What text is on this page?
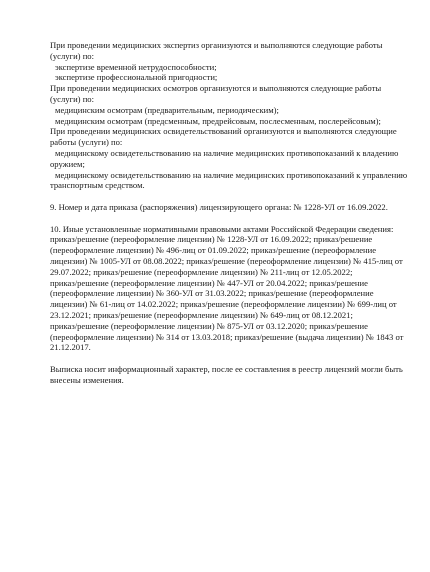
При проведении медицинских экспертиз организуются и выполняются следующие работы
(услуги) по:
экспертизе временной нетрудоспособности;
экспертизе профессиональной пригодности;
При проведении медицинских осмотров организуются и выполняются следующие работы
(услуги) по:
медицинским осмотрам (предварительным, периодическим);
медицинским осмотрам (предсменным, предрейсовым, послесменным, послерейсовым);
При проведении медицинских освидетельствований организуются и выполняются следующие
работы (услуги) по:
медицинскому освидетельствованию на наличие медицинских противопоказаний к владению
оружием;
медицинскому освидетельствованию на наличие медицинских противопоказаний к управлению
транспортным средством.
9. Номер и дата приказа (распоряжения) лицензирующего органа: № 1228-УЛ от 16.09.2022.
10. Иные установленные нормативными правовыми актами Российской Федерации сведения:
приказ/решение (переоформление лицензии) № 1228-УЛ от 16.09.2022; приказ/решение
(переоформление лицензии) № 496-лиц от 01.09.2022; приказ/решение (переоформление
лицензии) № 1005-УЛ от 08.08.2022; приказ/решение (переоформление лицензии) № 415-лиц от
29.07.2022; приказ/решение (переоформление лицензии) № 211-лиц от 12.05.2022;
приказ/решение (переоформление лицензии) № 447-УЛ от 20.04.2022; приказ/решение
(переоформление лицензии) № 360-УЛ от 31.03.2022; приказ/решение (переоформление
лицензии) № 61-лиц от 14.02.2022; приказ/решение (переоформление лицензии) № 699-лиц от
23.12.2021; приказ/решение (переоформление лицензии) № 649-лиц от 08.12.2021;
приказ/решение (переоформление лицензии) № 875-УЛ от 03.12.2020; приказ/решение
(переоформление лицензии) № 314 от 13.03.2018; приказ/решение (выдача лицензии) № 1843 от
21.12.2017.
Выписка носит информационный характер, после ее составления в реестр лицензий могли быть
внесены изменения.
